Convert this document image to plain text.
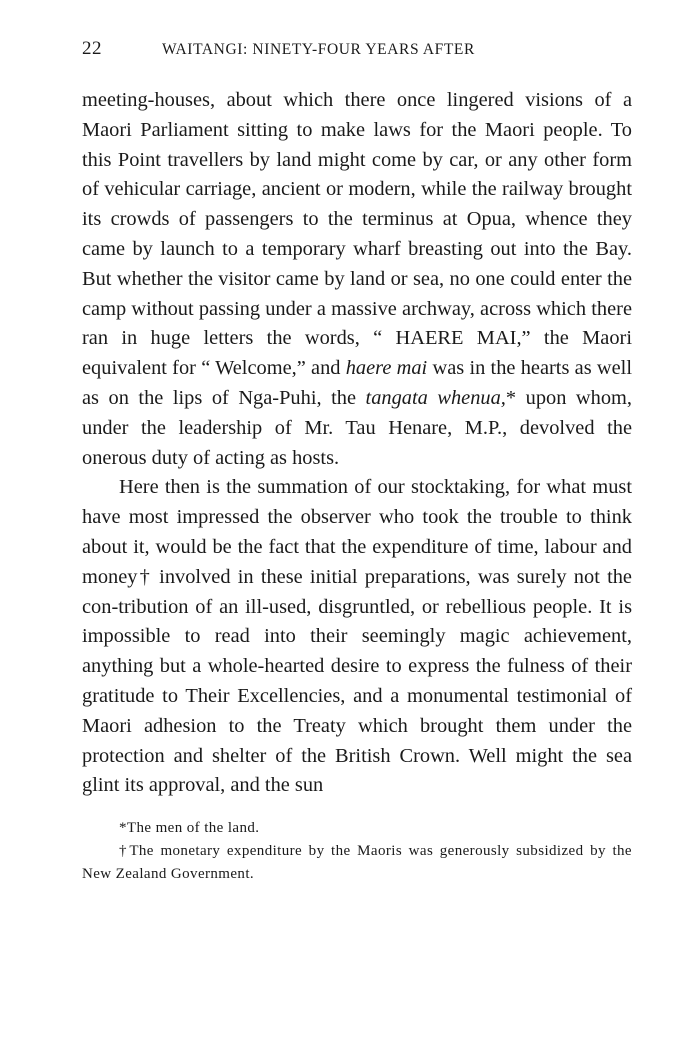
22	WAITANGI: NINETY-FOUR YEARS AFTER

meeting-houses, about which there once lingered visions of a Maori Parliament sitting to make laws for the Maori people. To this Point travellers by land might come by car, or any other form of vehicular carriage, ancient or modern, while the railway brought its crowds of passengers to the terminus at Opua, whence they came by launch to a temporary wharf breasting out into the Bay. But whether the visitor came by land or sea, no one could enter the camp without passing under a massive archway, across which there ran in huge letters the words, “ HAERE MAI,” the Maori equivalent for “ Welcome,” and haere mai was in the hearts as well as on the lips of Nga-Puhi, the tangata whenua,* upon whom, under the leadership of Mr. Tau Henare, M.P., devolved the onerous duty of acting as hosts.

Here then is the summation of our stocktaking, for what must have most impressed the observer who took the trouble to think about it, would be the fact that the expenditure of time, labour and money† involved in these initial preparations, was surely not the con-tribution of an ill-used, disgruntled, or rebellious people. It is impossible to read into their seemingly magic achievement, anything but a whole-hearted desire to express the fulness of their gratitude to Their Excellencies, and a monumental testimonial of Maori adhesion to the Treaty which brought them under the protection and shelter of the British Crown. Well might the sea glint its approval, and the sun

*The men of the land.

†The monetary expenditure by the Maoris was generously subsidized by the New Zealand Government.
